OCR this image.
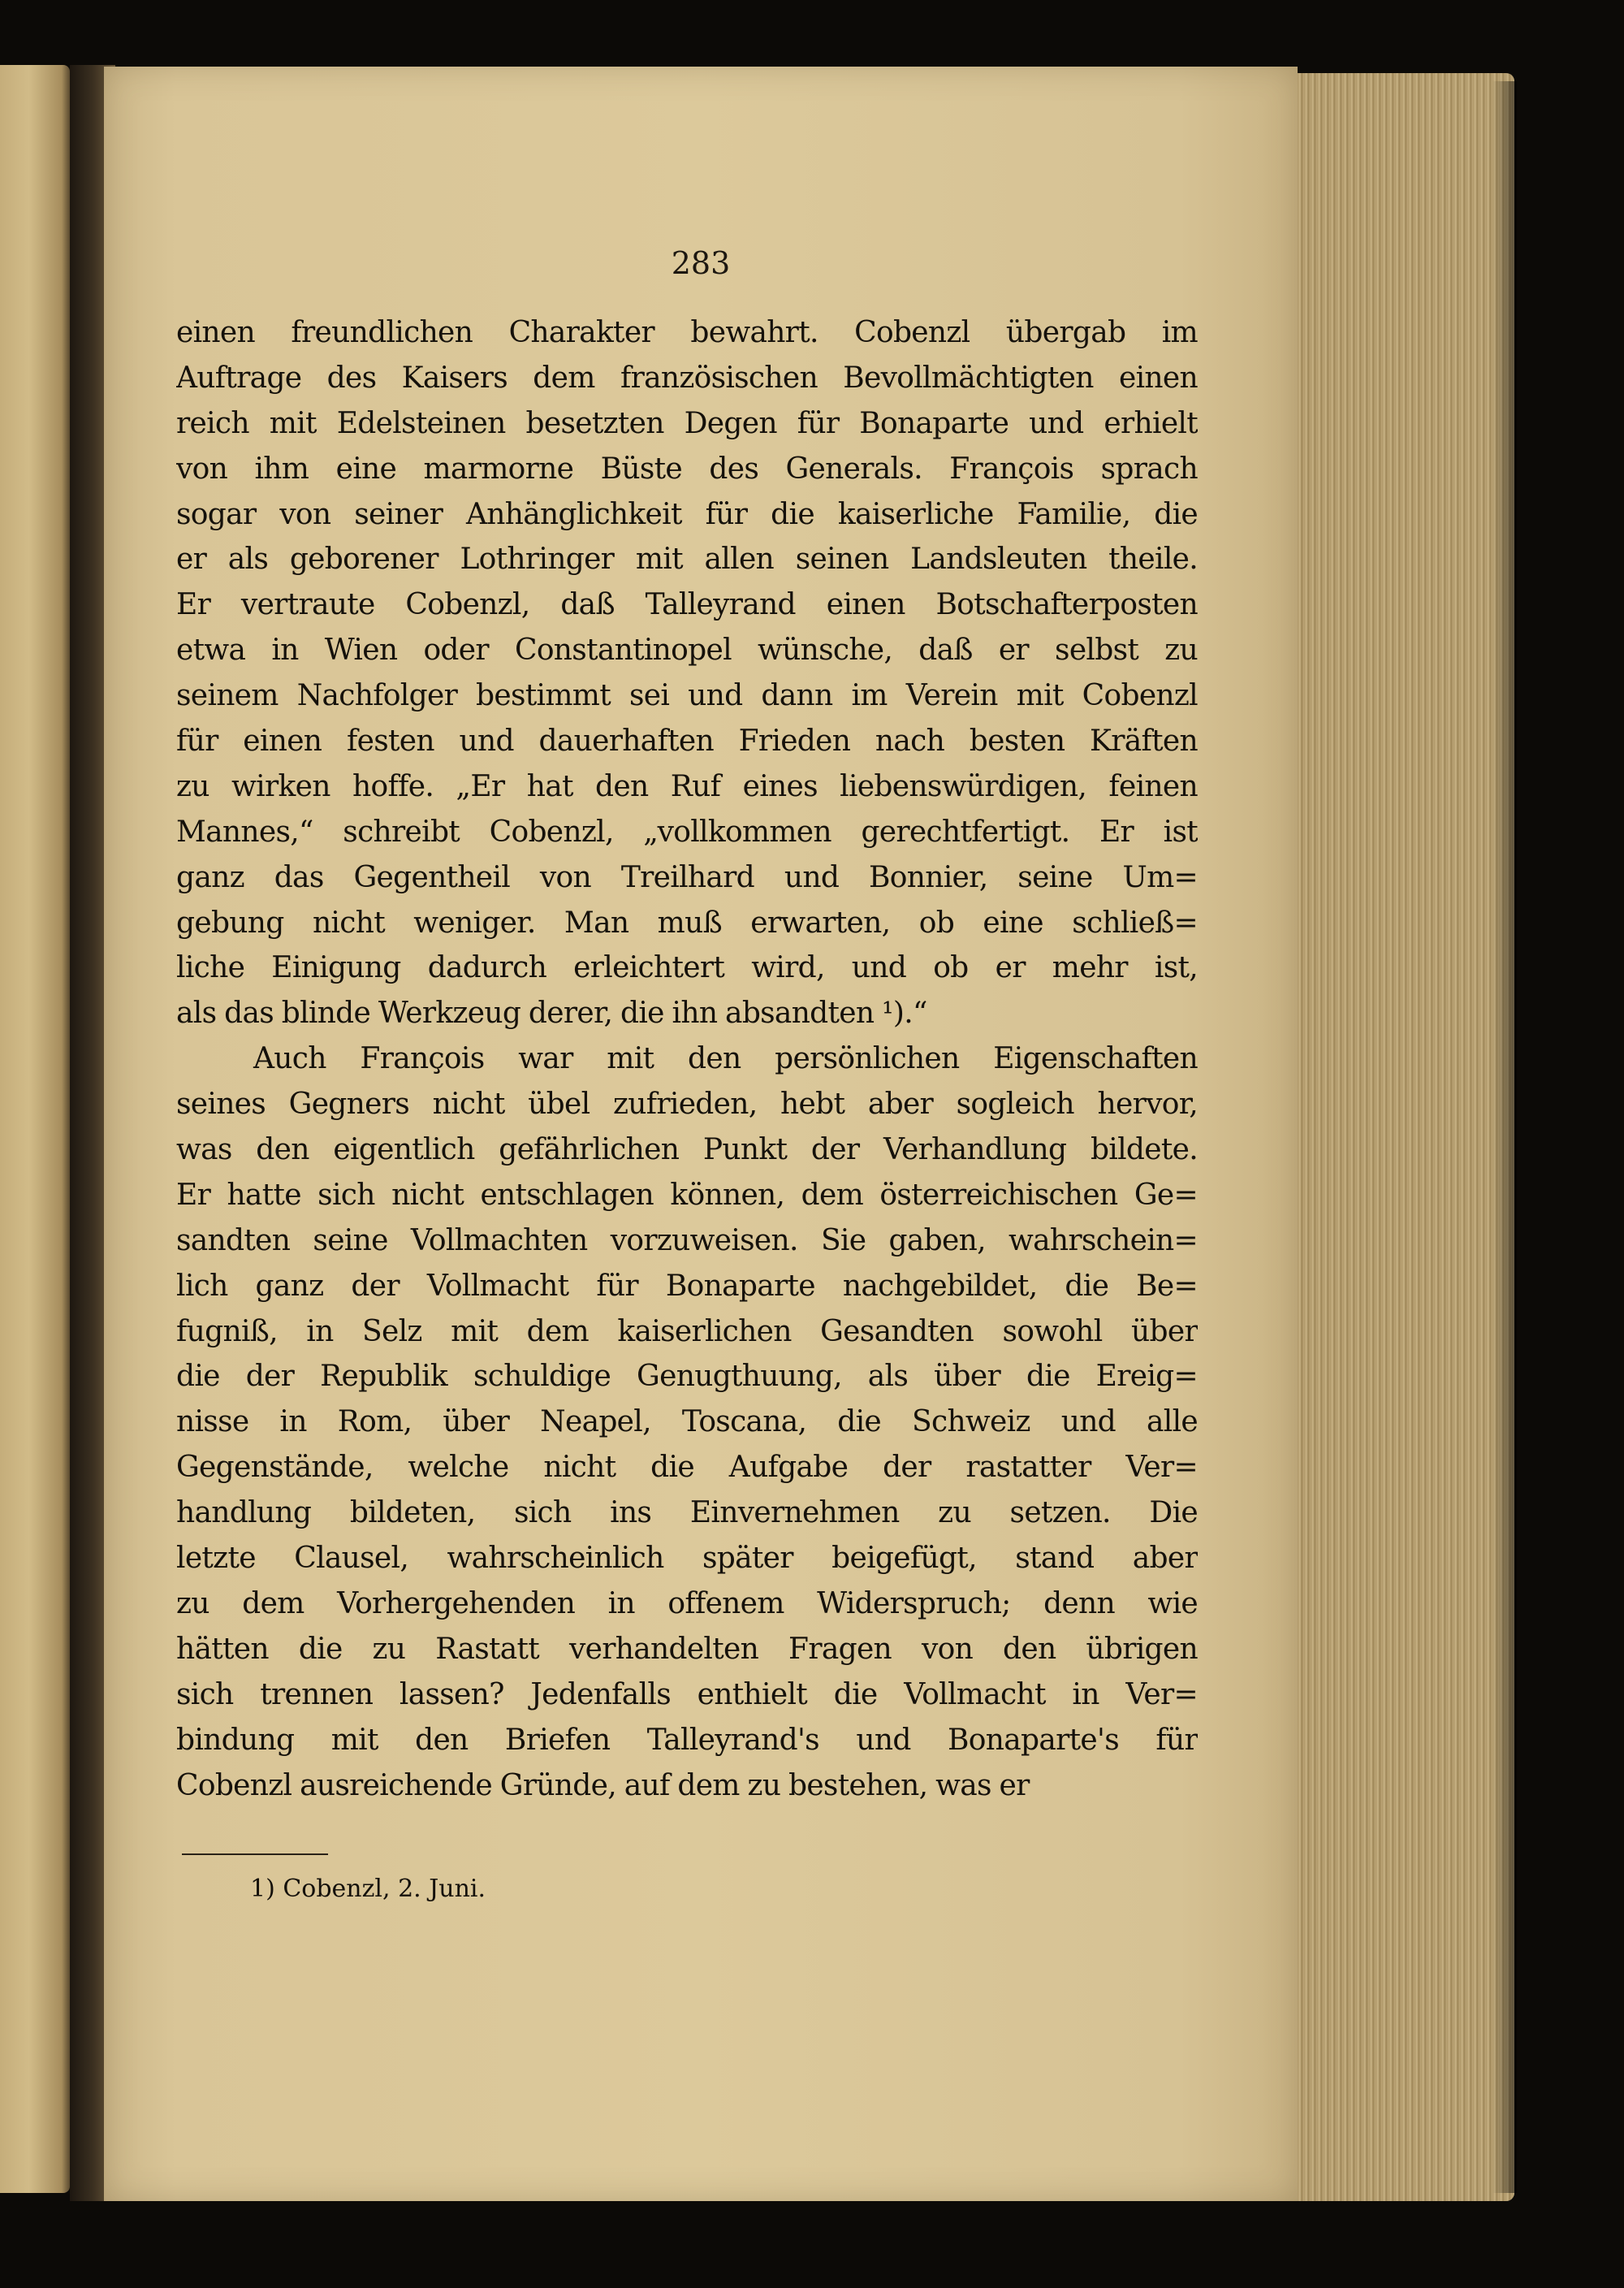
283
einen freundlichen Charakter bewahrt. Cobenzl übergab im
Auftrage des Kaisers dem französischen Bevollmächtigten einen
reich mit Edelsteinen besetzten Degen für Bonaparte und erhielt
von ihm eine marmorne Büste des Generals. François sprach
sogar von seiner Anhänglichkeit für die kaiserliche Familie, die
er als geborener Lothringer mit allen seinen Landsleuten theile.
Er vertraute Cobenzl, daß Talleyrand einen Botschafterposten
etwa in Wien oder Constantinopel wünsche, daß er selbst zu
seinem Nachfolger bestimmt sei und dann im Verein mit Cobenzl
für einen festen und dauerhaften Frieden nach besten Kräften
zu wirken hoffe. „Er hat den Ruf eines liebenswürdigen, feinen
Mannes,“ schreibt Cobenzl, „vollkommen gerechtfertigt. Er ist
ganz das Gegentheil von Treilhard und Bonnier, seine Um=
gebung nicht weniger. Man muß erwarten, ob eine schließ=
liche Einigung dadurch erleichtert wird, und ob er mehr ist,
als das blinde Werkzeug derer, die ihn absandten ¹).“
Auch François war mit den persönlichen Eigenschaften
seines Gegners nicht übel zufrieden, hebt aber sogleich hervor,
was den eigentlich gefährlichen Punkt der Verhandlung bildete.
Er hatte sich nicht entschlagen können, dem österreichischen Ge=
sandten seine Vollmachten vorzuweisen. Sie gaben, wahrschein=
lich ganz der Vollmacht für Bonaparte nachgebildet, die Be=
fugniß, in Selz mit dem kaiserlichen Gesandten sowohl über
die der Republik schuldige Genugthuung, als über die Ereig=
nisse in Rom, über Neapel, Toscana, die Schweiz und alle
Gegenstände, welche nicht die Aufgabe der rastatter Ver=
handlung bildeten, sich ins Einvernehmen zu setzen. Die
letzte Clausel, wahrscheinlich später beigefügt, stand aber
zu dem Vorhergehenden in offenem Widerspruch; denn wie
hätten die zu Rastatt verhandelten Fragen von den übrigen
sich trennen lassen? Jedenfalls enthielt die Vollmacht in Ver=
bindung mit den Briefen Talleyrand's und Bonaparte's für
Cobenzl ausreichende Gründe, auf dem zu bestehen, was er
1) Cobenzl, 2. Juni.
